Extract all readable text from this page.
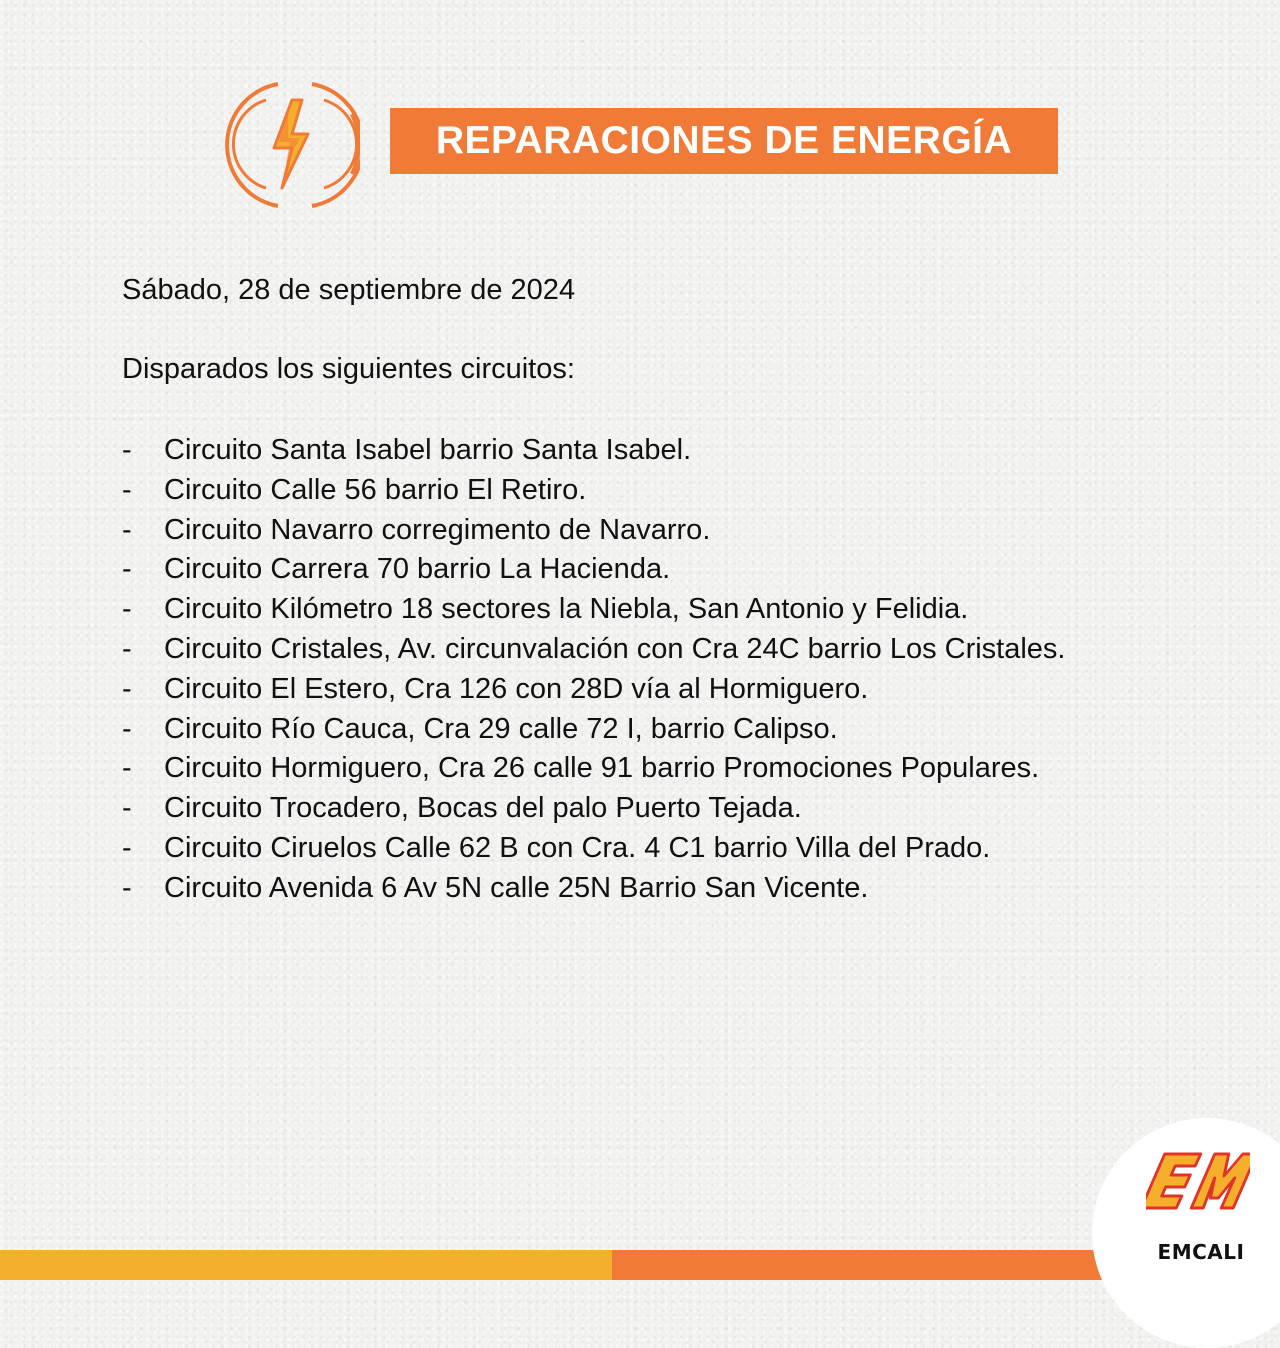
REPARACIONES DE ENERGÍA
Sábado, 28 de septiembre de 2024
Disparados los siguientes circuitos:
-	Circuito Santa Isabel barrio Santa Isabel.
-	Circuito Calle 56 barrio El Retiro.
-	Circuito Navarro corregimento de Navarro.
-	Circuito Carrera 70 barrio La Hacienda.
-	Circuito Kilómetro 18 sectores la Niebla, San Antonio y Felidia.
-	Circuito Cristales, Av. circunvalación con Cra 24C barrio Los Cristales.
-	Circuito El Estero, Cra 126 con 28D vía al Hormiguero.
-	Circuito Río Cauca, Cra 29 calle 72 I, barrio Calipso.
-	Circuito Hormiguero, Cra 26 calle 91 barrio Promociones Populares.
-	Circuito Trocadero, Bocas del palo Puerto Tejada.
-	Circuito Ciruelos Calle 62 B con Cra. 4 C1 barrio Villa del Prado.
-	Circuito Avenida 6 Av 5N calle 25N Barrio San Vicente.
EMCALI
